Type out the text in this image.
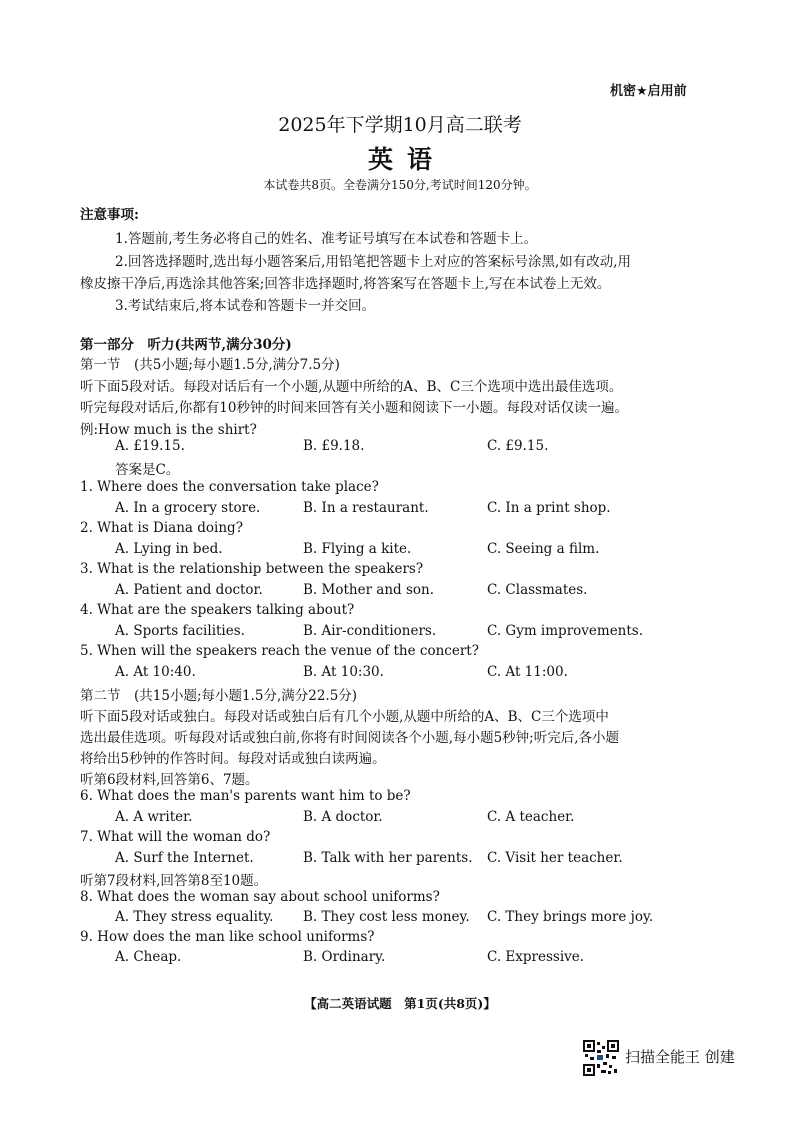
机密★启用前
2025年下学期10月高二联考
英语
本试卷共8页。全卷满分150分,考试时间120分钟。
注意事项:
1.答题前,考生务必将自己的姓名、准考证号填写在本试卷和答题卡上。
2.回答选择题时,选出每小题答案后,用铅笔把答题卡上对应的答案标号涂黑,如有改动,用
橡皮擦干净后,再选涂其他答案;回答非选择题时,将答案写在答题卡上,写在本试卷上无效。
3.考试结束后,将本试卷和答题卡一并交回。
第一部分　听力(共两节,满分30分)
第一节　(共5小题;每小题1.5分,满分7.5分)
听下面5段对话。每段对话后有一个小题,从题中所给的A、B、C三个选项中选出最佳选项。
听完每段对话后,你都有10秒钟的时间来回答有关小题和阅读下一小题。每段对话仅读一遍。
例:How much is the shirt?
A. £19.15.	B. £9.18.	C. £9.15.
答案是C。
1. Where does the conversation take place?
A. In a grocery store.	B. In a restaurant.	C. In a print shop.
2. What is Diana doing?
A. Lying in bed.	B. Flying a kite.	C. Seeing a film.
3. What is the relationship between the speakers?
A. Patient and doctor.	B. Mother and son.	C. Classmates.
4. What are the speakers talking about?
A. Sports facilities.	B. Air-conditioners.	C. Gym improvements.
5. When will the speakers reach the venue of the concert?
A. At 10:40.	B. At 10:30.	C. At 11:00.
第二节　(共15小题;每小题1.5分,满分22.5分)
听下面5段对话或独白。每段对话或独白后有几个小题,从题中所给的A、B、C三个选项中
选出最佳选项。听每段对话或独白前,你将有时间阅读各个小题,每小题5秒钟;听完后,各小题
将给出5秒钟的作答时间。每段对话或独白读两遍。
听第6段材料,回答第6、7题。
6. What does the man's parents want him to be?
A. A writer.	B. A doctor.	C. A teacher.
7. What will the woman do?
A. Surf the Internet.	B. Talk with her parents. C. Visit her teacher.
听第7段材料,回答第8至10题。
8. What does the woman say about school uniforms?
A. They stress equality. B. They cost less money. C. They brings more joy.
9. How does the man like school uniforms?
A. Cheap.	B. Ordinary.	C. Expressive.
【高二英语试题　第1页(共8页)】
扫描全能王 创建
